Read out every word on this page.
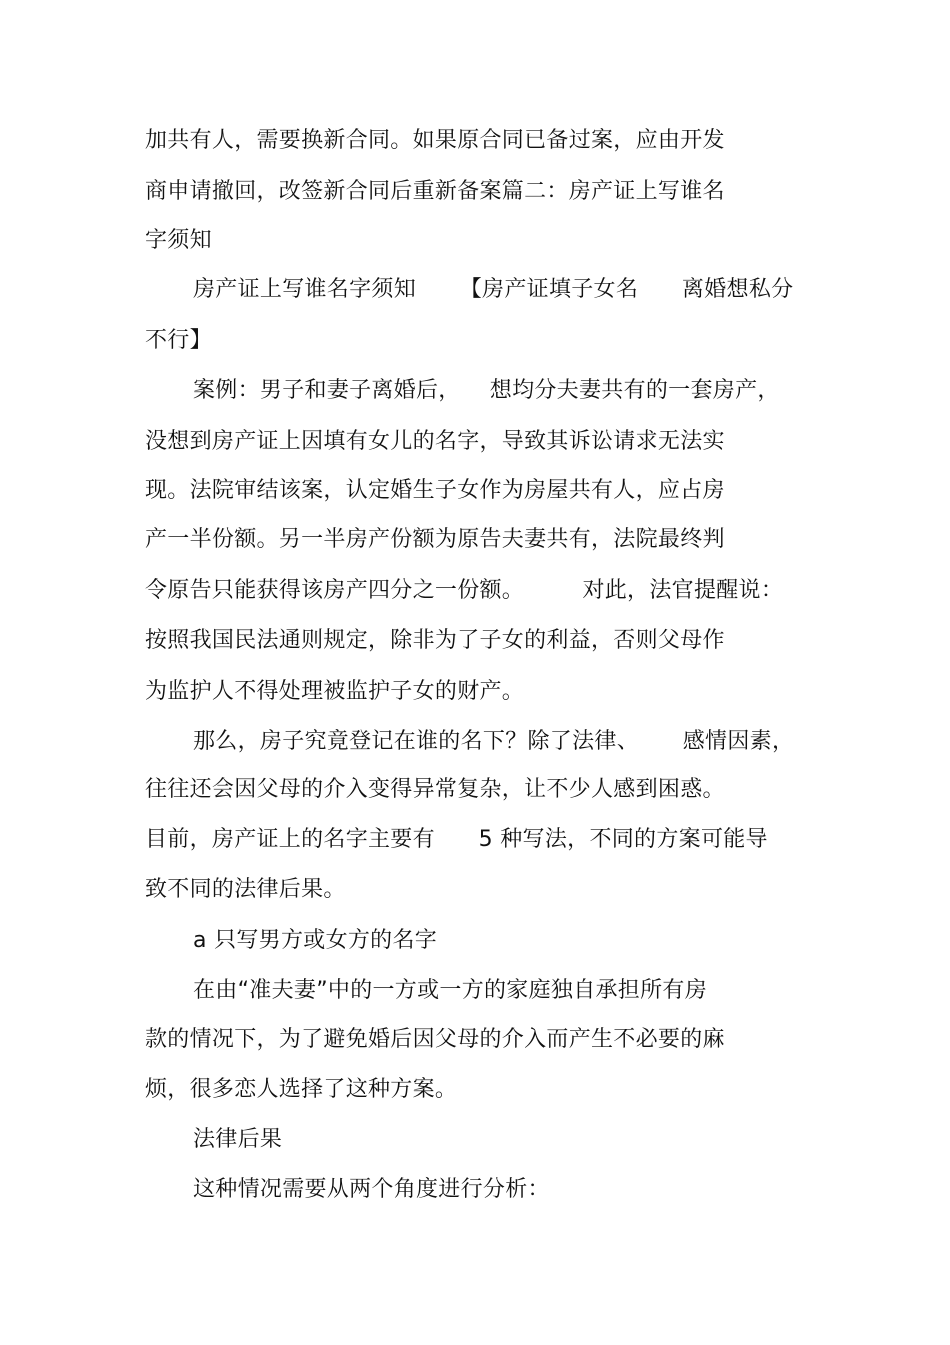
加共有人，需要换新合同。如果原合同已备过案，应由开发
商申请撤回，改签新合同后重新备案篇二：房产证上写谁名
字须知
房产证上写谁名字须知      【房产证填子女名      离婚想私分
不行】
案例：男子和妻子离婚后，    想均分夫妻共有的一套房产，
没想到房产证上因填有女儿的名字，导致其诉讼请求无法实
现。法院审结该案，认定婚生子女作为房屋共有人，应占房
产一半份额。另一半房产份额为原告夫妻共有，法院最终判
令原告只能获得该房产四分之一份额。        对此，法官提醒说：
按照我国民法通则规定，除非为了子女的利益，否则父母作
为监护人不得处理被监护子女的财产。
那么，房子究竟登记在谁的名下？除了法律、      感情因素，
往往还会因父母的介入变得异常复杂，让不少人感到困惑。
目前，房产证上的名字主要有      5 种写法，不同的方案可能导
致不同的法律后果。
a 只写男方或女方的名字
在由“准夫妻”中的一方或一方的家庭独自承担所有房
款的情况下，为了避免婚后因父母的介入而产生不必要的麻
烦，很多恋人选择了这种方案。
法律后果
这种情况需要从两个角度进行分析：
